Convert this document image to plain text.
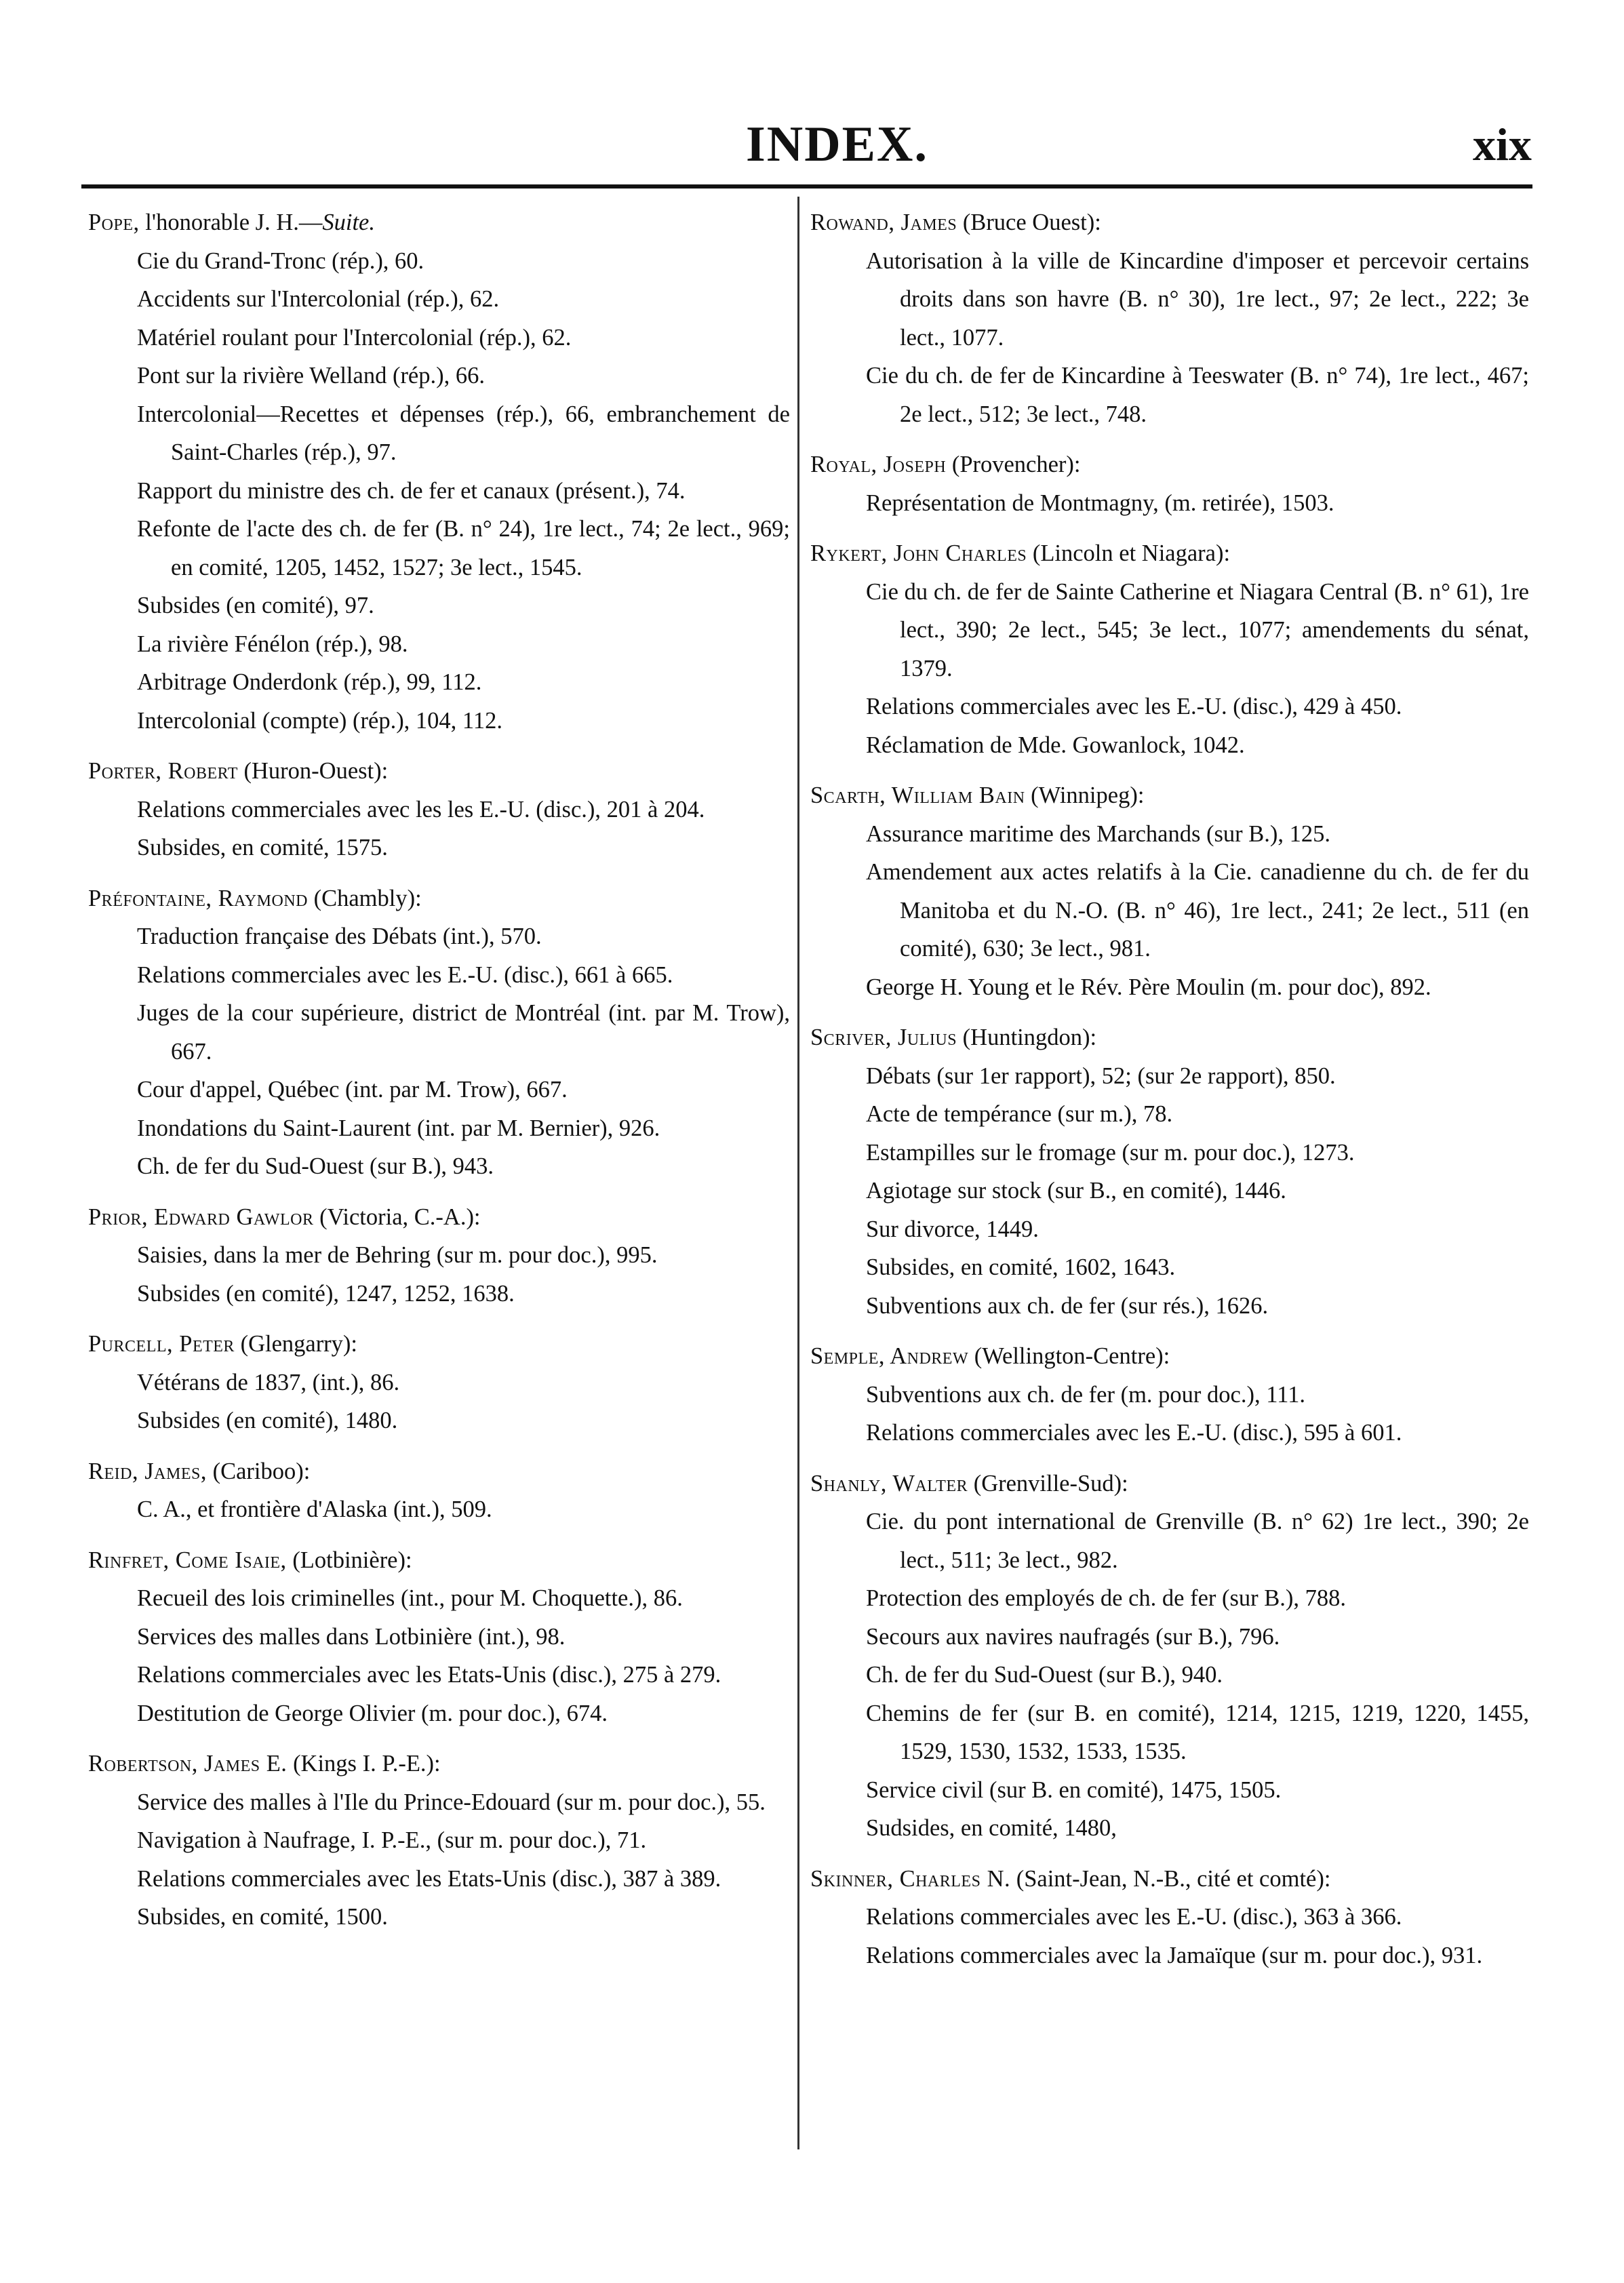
INDEX.	xix
Pope, l'honorable J. H.—Suite.
Cie du Grand-Tronc (rép.), 60.
Accidents sur l'Intercolonial (rép.), 62.
Matériel roulant pour l'Intercolonial (rép.), 62.
Pont sur la rivière Welland (rép.), 66.
Intercolonial—Recettes et dépenses (rép.), 66, embranchement de Saint-Charles (rép.), 97.
Rapport du ministre des ch. de fer et canaux (présent.), 74.
Refonte de l'acte des ch. de fer (B. n° 24), 1re lect., 74; 2e lect., 969; en comité, 1205, 1452, 1527; 3e lect., 1545.
Subsides (en comité), 97.
La rivière Fénélon (rép.), 98.
Arbitrage Onderdonk (rép.), 99, 112.
Intercolonial (compte) (rép.), 104, 112.
Porter, Robert (Huron-Ouest):
Relations commerciales avec les les E.-U. (disc.), 201 à 204.
Subsides, en comité, 1575.
Préfontaine, Raymond (Chambly):
Traduction française des Débats (int.), 570.
Relations commerciales avec les E.-U. (disc.), 661 à 665.
Juges de la cour supérieure, district de Montréal (int. par M. Trow), 667.
Cour d'appel, Québec (int. par M. Trow), 667.
Inondations du Saint-Laurent (int. par M. Bernier), 926.
Ch. de fer du Sud-Ouest (sur B.), 943.
Prior, Edward Gawlor (Victoria, C.-A.):
Saisies, dans la mer de Behring (sur m. pour doc.), 995.
Subsides (en comité), 1247, 1252, 1638.
Purcell, Peter (Glengarry):
Vétérans de 1837, (int.), 86.
Subsides (en comité), 1480.
Reid, James, (Cariboo):
C. A., et frontière d'Alaska (int.), 509.
Rinfret, Come Isaie, (Lotbinière):
Recueil des lois criminelles (int., pour M. Choquette.), 86.
Services des malles dans Lotbinière (int.), 98.
Relations commerciales avec les Etats-Unis (disc.), 275 à 279.
Destitution de George Olivier (m. pour doc.), 674.
Robertson, James E. (Kings I. P.-E.):
Service des malles à l'Ile du Prince-Edouard (sur m. pour doc.), 55.
Navigation à Naufrage, I. P.-E., (sur m. pour doc.), 71.
Relations commerciales avec les Etats-Unis (disc.), 387 à 389.
Subsides, en comité, 1500.
Rowand, James (Bruce Ouest):
Autorisation à la ville de Kincardine d'imposer et percevoir certains droits dans son havre (B. n° 30), 1re lect., 97; 2e lect., 222; 3e lect., 1077.
Cie du ch. de fer de Kincardine à Teeswater (B. n° 74), 1re lect., 467; 2e lect., 512; 3e lect., 748.
Royal, Joseph (Provencher):
Représentation de Montmagny, (m. retirée), 1503.
Rykert, John Charles (Lincoln et Niagara):
Cie du ch. de fer de Sainte Catherine et Niagara Central (B. n° 61), 1re lect., 390; 2e lect., 545; 3e lect., 1077; amendements du sénat, 1379.
Relations commerciales avec les E.-U. (disc.), 429 à 450.
Réclamation de Mde. Gowanlock, 1042.
Scarth, William Bain (Winnipeg):
Assurance maritime des Marchands (sur B.), 125.
Amendement aux actes relatifs à la Cie. canadienne du ch. de fer du Manitoba et du N.-O. (B. n° 46), 1re lect., 241; 2e lect., 511 (en comité), 630; 3e lect., 981.
George H. Young et le Rév. Père Moulin (m. pour doc), 892.
Scriver, Julius (Huntingdon):
Débats (sur 1er rapport), 52; (sur 2e rapport), 850.
Acte de tempérance (sur m.), 78.
Estampilles sur le fromage (sur m. pour doc.), 1273.
Agiotage sur stock (sur B., en comité), 1446.
Sur divorce, 1449.
Subsides, en comité, 1602, 1643.
Subventions aux ch. de fer (sur rés.), 1626.
Semple, Andrew (Wellington-Centre):
Subventions aux ch. de fer (m. pour doc.), 111.
Relations commerciales avec les E.-U. (disc.), 595 à 601.
Shanly, Walter (Grenville-Sud):
Cie. du pont international de Grenville (B. n° 62) 1re lect., 390; 2e lect., 511; 3e lect., 982.
Protection des employés de ch. de fer (sur B.), 788.
Secours aux navires naufragés (sur B.), 796.
Ch. de fer du Sud-Ouest (sur B.), 940.
Chemins de fer (sur B. en comité), 1214, 1215, 1219, 1220, 1455, 1529, 1530, 1532, 1533, 1535.
Service civil (sur B. en comité), 1475, 1505.
Sudsides, en comité, 1480,
Skinner, Charles N. (Saint-Jean, N.-B., cité et comté):
Relations commerciales avec les E.-U. (disc.), 363 à 366.
Relations commerciales avec la Jamaïque (sur m. pour doc.), 931.
